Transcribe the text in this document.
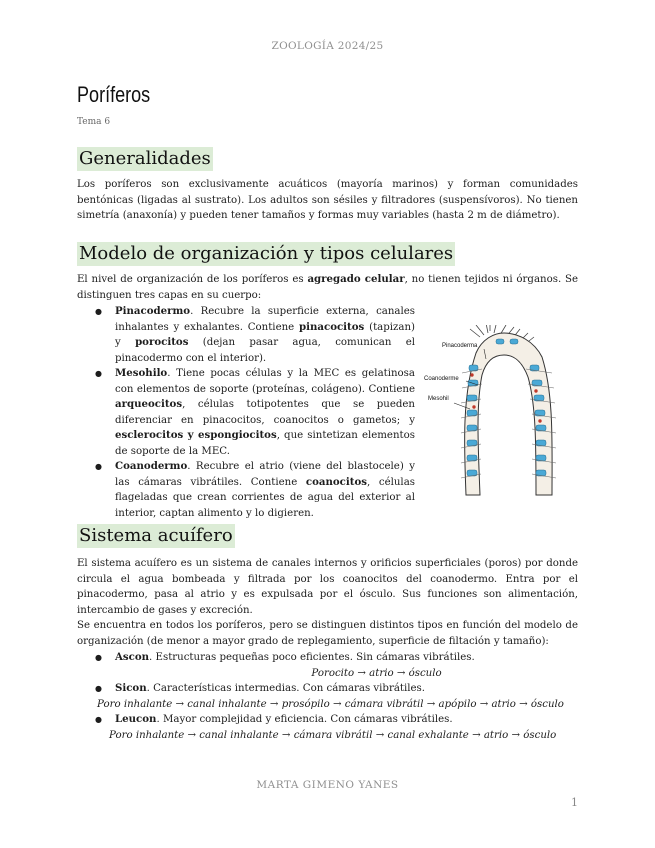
ZOOLOGÍA 2024/25
Poríferos
Tema 6
Generalidades

Los poríferos son exclusivamente acuáticos (mayoría marinos) y forman comunidades bentónicas (ligadas al sustrato). Los adultos son sésiles y filtradores (suspensívoros). No tienen simetría (anaxonía) y pueden tener tamaños y formas muy variables (hasta 2 m de diámetro).

Modelo de organización y tipos celulares

El nivel de organización de los poríferos es agregado celular, no tienen tejidos ni órganos. Se distinguen tres capas en su cuerpo:

● Pinacodermo. Recubre la superficie externa, canales inhalantes y exhalantes. Contiene pinacocitos (tapizan) y porocitos (dejan pasar agua, comunican el pinacodermo con el interior).
● Mesohilo. Tiene pocas células y la MEC es gelatinosa con elementos de soporte (proteínas, colágeno). Contiene arqueocitos, células totipotentes que se pueden diferenciar en pinacocitos, coanocitos o gametos; y esclerocitos y espongiocitos, que sintetizan elementos de soporte de la MEC.
● Coanodermo. Recubre el atrio (viene del blastocele) y las cámaras vibrátiles. Contiene coanocitos, células flageladas que crean corrientes de agua del exterior al interior, captan alimento y lo digieren.
Pinacoderma
Coanoderme
Mesohil
Sistema acuífero

El sistema acuífero es un sistema de canales internos y orificios superficiales (poros) por donde circula el agua bombeada y filtrada por los coanocitos del coanodermo. Entra por el pinacodermo, pasa al atrio y es expulsada por el ósculo. Sus funciones son alimentación, intercambio de gases y excreción.

Se encuentra en todos los poríferos, pero se distinguen distintos tipos en función del modelo de organización (de menor a mayor grado de replegamiento, superficie de filtación y tamaño):

● Ascon. Estructuras pequeñas poco eficientes. Sin cámaras vibrátiles.
Porocito → atrio → ósculo
● Sicon. Características intermedias. Con cámaras vibrátiles.
Poro inhalante → canal inhalante → prosópilo → cámara vibrátil → apópilo → atrio → ósculo
● Leucon. Mayor complejidad y eficiencia. Con cámaras vibrátiles.
Poro inhalante → canal inhalante → cámara vibrátil → canal exhalante → atrio → ósculo
MARTA GIMENO YANES
1
